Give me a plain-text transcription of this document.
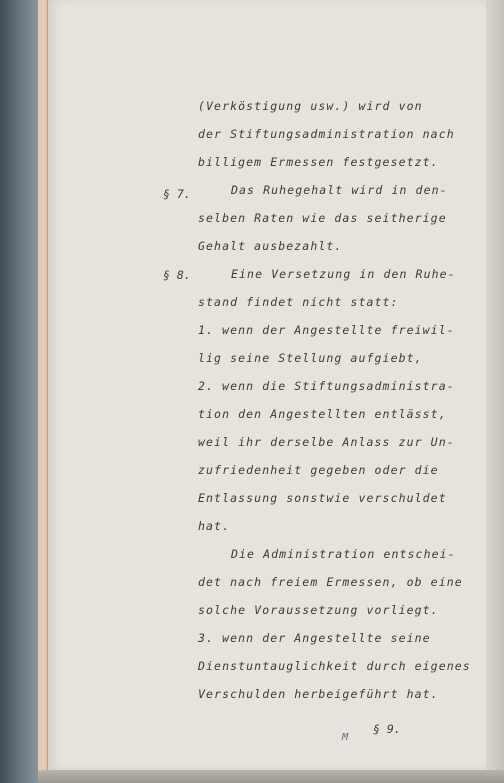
§ 7.
§ 8.
(Verköstigung usw.) wird von
der Stiftungsadministration nach
billigem Ermessen festgesetzt.
Das Ruhegehalt wird in den-
selben Raten wie das seitherige
Gehalt ausbezahlt.
Eine Versetzung in den Ruhe-
stand findet nicht statt:
1. wenn der Angestellte freiwil-
lig seine Stellung aufgiebt,
2. wenn die Stiftungsadministra-
tion den Angestellten entlässt,
weil ihr derselbe Anlass zur Un-
zufriedenheit gegeben oder die
Entlassung sonstwie verschuldet
hat.
Die Administration entschei-
det nach freiem Ermessen, ob eine
solche Voraussetzung vorliegt.
3. wenn der Angestellte seine
Dienstuntauglichkeit durch eigenes
Verschulden herbeigeführt hat.
§ 9.
M
